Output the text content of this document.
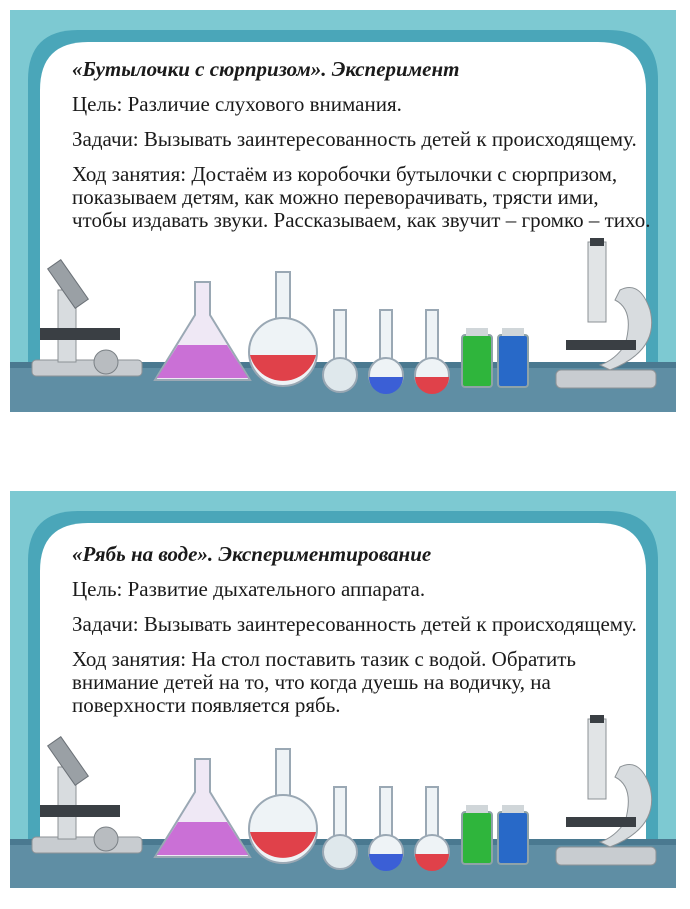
«Бутылочки с сюрпризом». Эксперимент

Цель: Различие слухового внимания.

Задачи: Вызывать заинтересованность детей к происходящему.

Ход занятия: Достаём из коробочки бутылочки с сюрпризом, показываем детям, как можно переворачивать, трясти ими, чтобы издавать звуки. Рассказываем, как звучит – громко – тихо.

«Рябь на воде». Экспериментирование

Цель: Развитие дыхательного аппарата.

Задачи: Вызывать заинтересованность детей к происходящему.

Ход занятия: На стол поставить тазик с водой. Обратить внимание детей на то, что когда дуешь на водичку, на поверхности появляется рябь.
